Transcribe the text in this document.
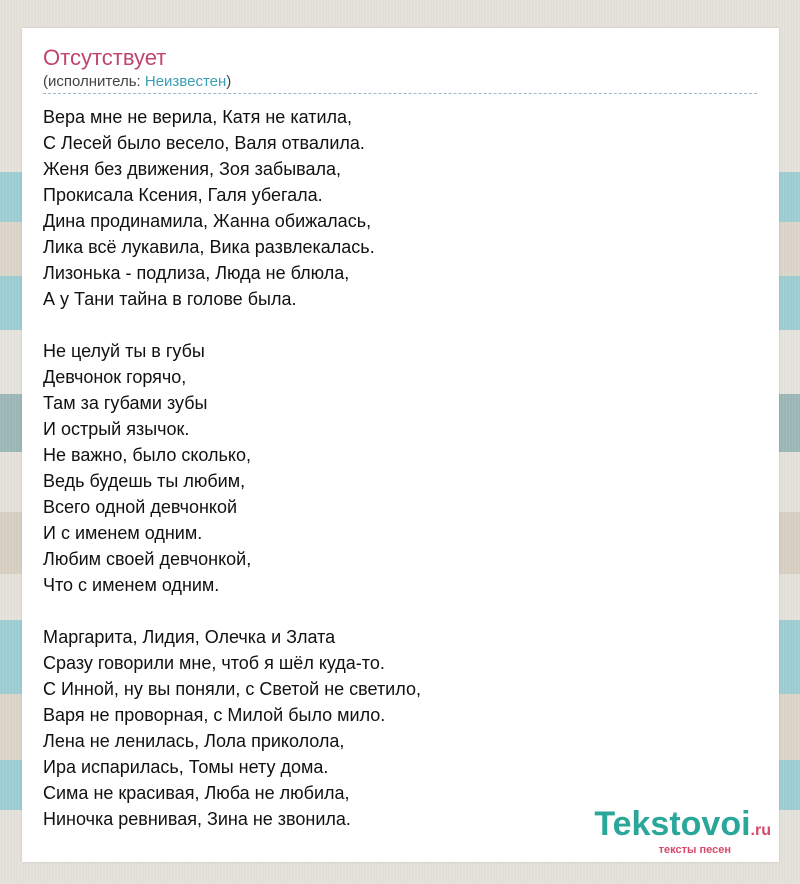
Отсутствует
(исполнитель: Неизвестен)
Вера мне не верила, Катя не катила,
С Лесей было весело, Валя отвалила.
Женя без движения, Зоя забывала,
Прокисала Ксения, Галя убегала.
Дина продинамила, Жанна обижалась,
Лика всё лукавила, Вика развлекалась.
Лизонька - подлиза, Люда не блюла,
А у Тани тайна в голове была.
Не целуй ты в губы
Девчонок горячо,
Там за губами зубы
И острый язычок.
Не важно, было сколько,
Ведь будешь ты любим,
Всего одной девчонкой
И с именем одним.
Любим своей девчонкой,
Что с именем одним.
Маргарита, Лидия, Олечка и Злата
Сразу говорили мне, чтоб я шёл куда-то.
С Инной, ну вы поняли, с Светой не светило,
Варя не проворная, с Милой было мило.
Лена не ленилась, Лола приколола,
Ира испарилась, Томы нету дома.
Сима не красивая, Люба не любила,
Ниночка ревнивая, Зина не звонила.	Tekstovoi.ru
тексты песен
